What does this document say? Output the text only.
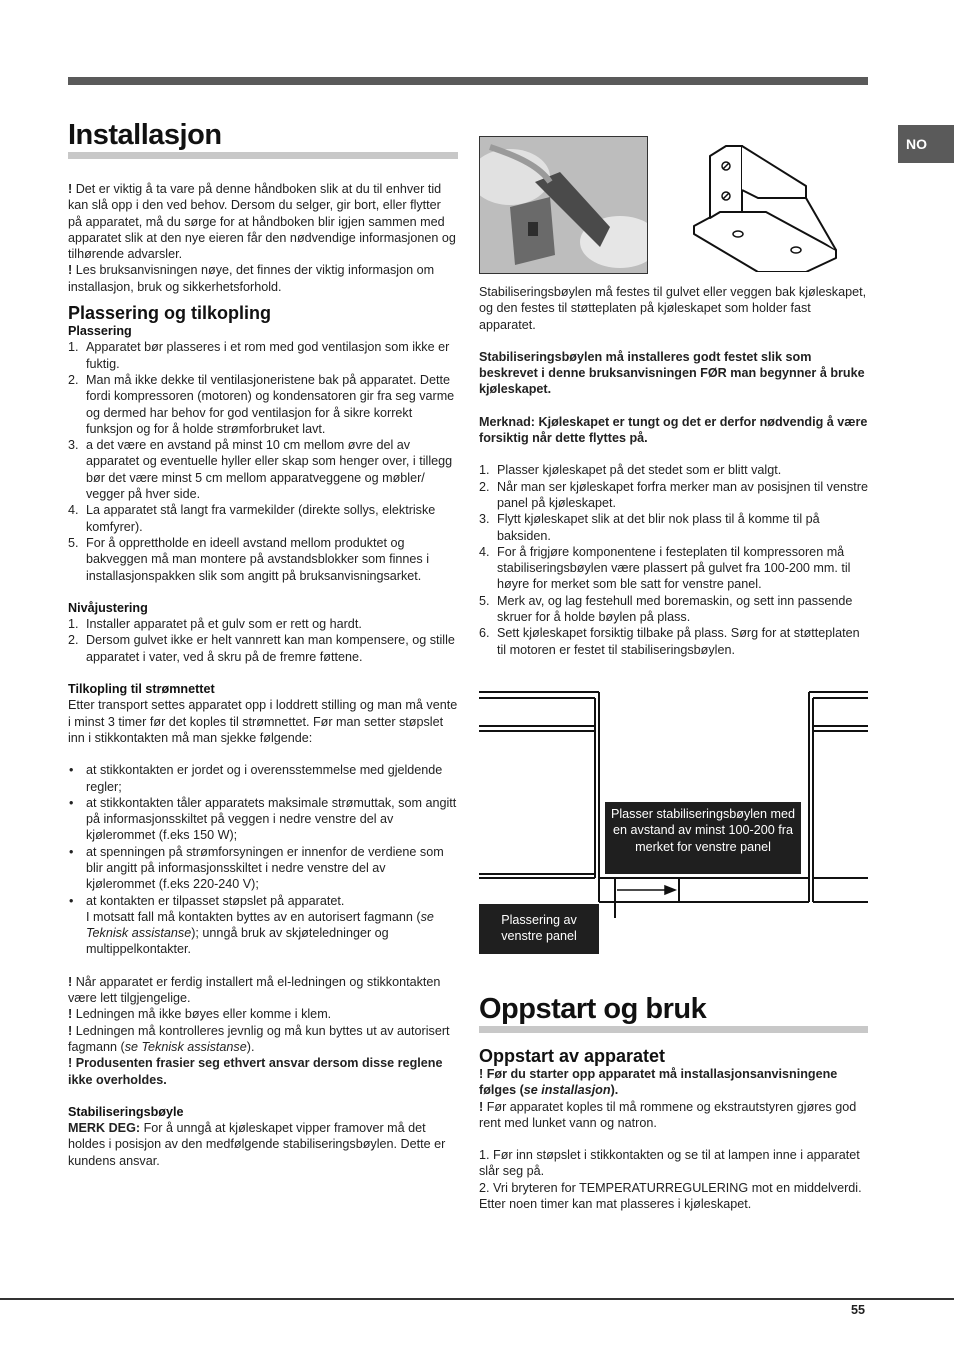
NO
Installasjon

! Det er viktig å ta vare på denne håndboken slik at du til enhver tid kan slå opp i den ved behov. Dersom du selger, gir bort, eller flytter på apparatet, må du sørge for at håndboken blir igjen sammen med apparatet slik at den nye eieren får den nødvendige informasjonen og tilhørende advarsler.

! Les bruksanvisningen nøye, det finnes der viktig informasjon om installasjon, bruk og sikkerhetsforhold.

Plassering og tilkopling
Plassering
1. Apparatet bør plasseres i et rom med god ventilasjon som ikke er fuktig.
2. Man må ikke dekke til ventilasjoneristene bak på apparatet. Dette fordi kompressoren (motoren) og kondensatoren gir fra seg varme og dermed har behov for god ventilasjon for å sikre korrekt funksjon og for å holde strømforbruket lavt.
3. a det være en avstand på minst 10 cm mellom øvre del av apparatet og eventuelle hyller eller skap som henger over, i tillegg bør det være minst 5 cm mellom apparatveggene og møbler/ vegger på hver side.
4. La apparatet stå langt fra varmekilder (direkte sollys, elektriske komfyrer).
5. For å opprettholde en ideell avstand mellom produktet og bakveggen må man montere på avstandsblokker som finnes i installasjonspakken slik som angitt på bruksanvisningsarket.
Nivåjustering
1. Installer apparatet på et gulv som er rett og hardt.
2. Dersom gulvet ikke er helt vannrett kan man kompensere, og stille apparatet i vater, ved å skru på de fremre føttene.
Tilkopling til strømnettet

Etter transport settes apparatet opp i loddrett stilling og man må vente i minst 3 timer før det koples til strømnettet. Før man setter støpslet inn i stikkontakten må man sjekke følgende:

• at stikkontakten er jordet og i overensstemmelse med gjeldende regler;
• at stikkontakten tåler apparatets maksimale strømuttak, som angitt på informasjonsskiltet på veggen i nedre venstre del av kjølerommet (f.eks 150 W);
• at spenningen på strømforsyningen er innenfor de verdiene som blir angitt på informasjonsskiltet i nedre venstre del av kjølerommet (f.eks 220-240 V);
• at kontakten er tilpasset støpslet på apparatet.
I motsatt fall må kontakten byttes av en autorisert fagmann (se Teknisk assistanse); unngå bruk av skjøteledninger og multippelkontakter.

! Når apparatet er ferdig installert må el-ledningen og stikkontakten være lett tilgjengelige.

! Ledningen må ikke bøyes eller komme i klem.

! Ledningen må kontrolleres jevnlig og må kun byttes ut av autorisert fagmann (se Teknisk assistanse).

! Produsenten frasier seg ethvert ansvar dersom disse reglene ikke overholdes.

Stabiliseringsbøyle

MERK DEG: For å unngå at kjøleskapet vipper framover må det holdes i posisjon av den medfølgende stabiliseringsbøylen. Dette er kundens ansvar.

Stabiliseringsbøylen må festes til gulvet eller veggen bak kjøleskapet, og den festes til støtteplaten på kjøleskapet som holder fast apparatet.

Stabiliseringsbøylen må installeres godt festet slik som beskrevet i denne bruksanvisningen FØR man begynner å bruke kjøleskapet.

Merknad: Kjøleskapet er tungt og det er derfor nødvendig å være forsiktig når dette flyttes på.

1. Plasser kjøleskapet på det stedet som er blitt valgt.
2. Når man ser kjøleskapet forfra merker man av posisjnen til venstre panel på kjøleskapet.
3. Flytt kjøleskapet slik at det blir nok plass til å komme til på baksiden.
4. For å frigjøre komponentene i festeplaten til kompressoren må stabiliseringsbøylen være plassert på gulvet fra 100-200 mm. til høyre for merket som ble satt for venstre panel.
5. Merk av, og lag festehull med boremaskin, og sett inn passende skruer for å holde bøylen på plass.
6. Sett kjøleskapet forsiktig tilbake på plass. Sørg for at støtteplaten til motoren er festet til stabiliseringsbøylen.
Plasser stabiliseringsbøylen med en avstand av minst 100-200 fra merket for venstre panel
Plassering av venstre panel
Oppstart og bruk
Oppstart av apparatet

! Før du starter opp apparatet må installasjonsanvisningene følges (se installasjon).

! Før apparatet koples til må rommene og ekstrautstyren gjøres god rent med lunket vann og natron.

1. Før inn støpslet i stikkontakten og se til at lampen inne i apparatet slår seg på.

2. Vri bryteren for TEMPERATURREGULERING mot en middelverdi. Etter noen timer kan mat plasseres i kjøleskapet.

55
